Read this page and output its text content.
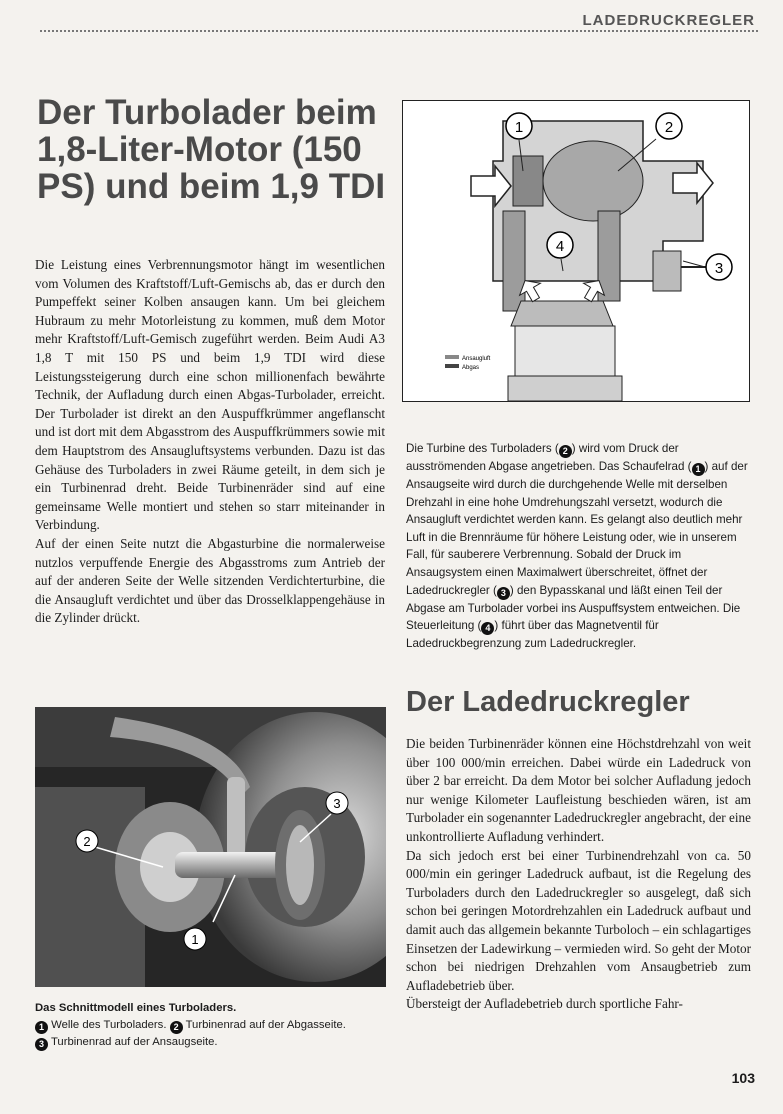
LADEDRUCKREGLER
Der Turbolader beim 1,8-Liter-Motor (150 PS) und beim 1,9 TDI

Die Leistung eines Verbrennungsmotor hängt im wesentlichen vom Volumen des Kraftstoff/Luft-Gemischs ab, das er durch den Pumpeffekt seiner Kolben ansaugen kann. Um bei gleichem Hubraum zu mehr Motorleistung zu kommen, muß dem Motor mehr Kraftstoff/Luft-Gemisch zugeführt werden. Beim Audi A3 1,8 T mit 150 PS und beim 1,9 TDI wird diese Leistungssteigerung durch eine schon millionenfach bewährte Technik, der Aufladung durch einen Abgas-Turbolader, erreicht. Der Turbolader ist direkt an den Auspuffkrümmer angeflanscht und ist dort mit dem Abgasstrom des Auspuffkrümmers sowie mit dem Hauptstrom des Ansaugluftsystems verbunden. Dazu ist das Gehäuse des Turboladers in zwei Räume geteilt, in dem sich je ein Turbinenrad dreht. Beide Turbinenräder sind auf eine gemeinsame Welle montiert und stehen so starr miteinander in Verbindung.

Auf der einen Seite nutzt die Abgasturbine die normalerweise nutzlos verpuffende Energie des Abgasstroms zum Antrieb der auf der anderen Seite der Welle sitzenden Verdichterturbine, die die Ansaugluft verdichtet und über das Drosselklappengehäuse in die Zylinder drückt.

1
2
3
Das Schnittmodell eines Turboladers.
1 Welle des Turboladers. 2 Turbinenrad auf der Abgasseite.
3 Turbinenrad auf der Ansaugseite.
1	2
3
4
Ansaugluft
Abgas

Die Turbine des Turboladers ( 2 ) wird vom Druck der ausströmenden Abgase angetrieben. Das Schaufelrad ( 1 ) auf der Ansaugseite wird durch die durchgehende Welle mit derselben Drehzahl in eine hohe Umdrehungszahl versetzt, wodurch die Ansaugluft verdichtet werden kann. Es gelangt also deutlich mehr Luft in die Brennräume für höhere Leistung oder, wie in unserem Fall, für sauberere Verbrennung. Sobald der Druck im Ansaugsystem einen Maximalwert überschreitet, öffnet der Ladedruckregler ( 3 ) den Bypasskanal und läßt einen Teil der Abgase am Turbolader vorbei ins Auspuffsystem entweichen. Die Steuerleitung ( 4 ) führt über das Magnetventil für Ladedruckbegrenzung zum Ladedruckregler.

Der Ladedruckregler

Die beiden Turbinenräder können eine Höchstdrehzahl von weit über 100 000/min erreichen. Dabei würde ein Ladedruck von über 2 bar erreicht. Da dem Motor bei solcher Aufladung jedoch nur wenige Kilometer Laufleistung beschieden wären, ist am Turbolader ein sogenannter Ladedruckregler angebracht, der eine unkontrollierte Aufladung verhindert.

Da sich jedoch erst bei einer Turbinendrehzahl von ca. 50 000/min ein geringer Ladedruck aufbaut, ist die Regelung des Turboladers durch den Ladedruckregler so ausgelegt, daß sich schon bei geringen Motordrehzahlen ein Ladedruck aufbaut und damit auch das allgemein bekannte Turboloch – ein schlagartiges Einsetzen der Ladewirkung – vermieden wird. So geht der Motor schon bei niedrigen Drehzahlen vom Ansaugbetrieb zum Aufladebetrieb über.

Übersteigt der Aufladebetrieb durch sportliche Fahr-

103
